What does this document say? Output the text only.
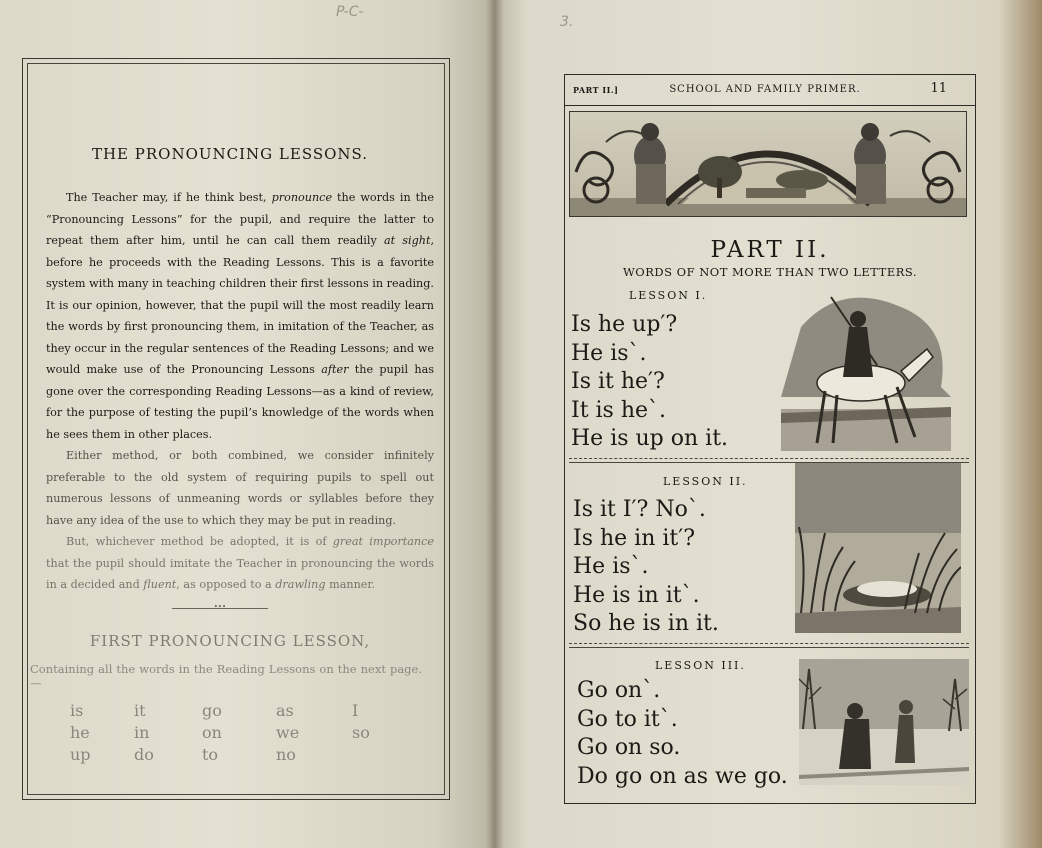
P-C-
THE PRONOUNCING LESSONS.

The Teacher may, if he think best, pronounce the words in the “Pronouncing Lessons” for the pupil, and require the latter to repeat them after him, until he can call them readily at sight, before he proceeds with the Reading Lessons. This is a favorite system with many in teaching children their first lessons in reading. It is our opinion, however, that the pupil will the most readily learn the words by first pronouncing them, in imitation of the Teacher, as they occur in the regular sentences of the Reading Lessons; and we would make use of the Pronouncing Lessons after the pupil has gone over the corresponding Reading Lessons—as a kind of review, for the purpose of testing the pupil’s knowledge of the words when he sees them in other places.

Either method, or both combined, we consider infinitely preferable to the old system of requiring pupils to spell out numerous lessons of unmeaning words or syllables before they have any idea of the use to which they may be put in reading.

But, whichever method be adopted, it is of great importance that the pupil should imitate the Teacher in pronouncing the words in a decided and fluent, as opposed to a drawling manner.

•••
FIRST PRONOUNCING LESSON,
Containing all the words in the Reading Lessons on the next page.—
is
he
up
it
in
do
go
on
to
as
we
no
I
so
3.
PART II.]	SCHOOL AND FAMILY PRIMER.	11
PART II.
WORDS OF NOT MORE THAN TWO LETTERS.
LESSON I.
Is he up′?
He isˋ.
Is it he′?
It is heˋ.
He is up on it.
LESSON II.
Is it I′? Noˋ.
Is he in it′?
He isˋ.
He is in itˋ.
So he is in it.
LESSON III.
Go onˋ.
Go to itˋ.
Go on so.
Do go on as we go.
